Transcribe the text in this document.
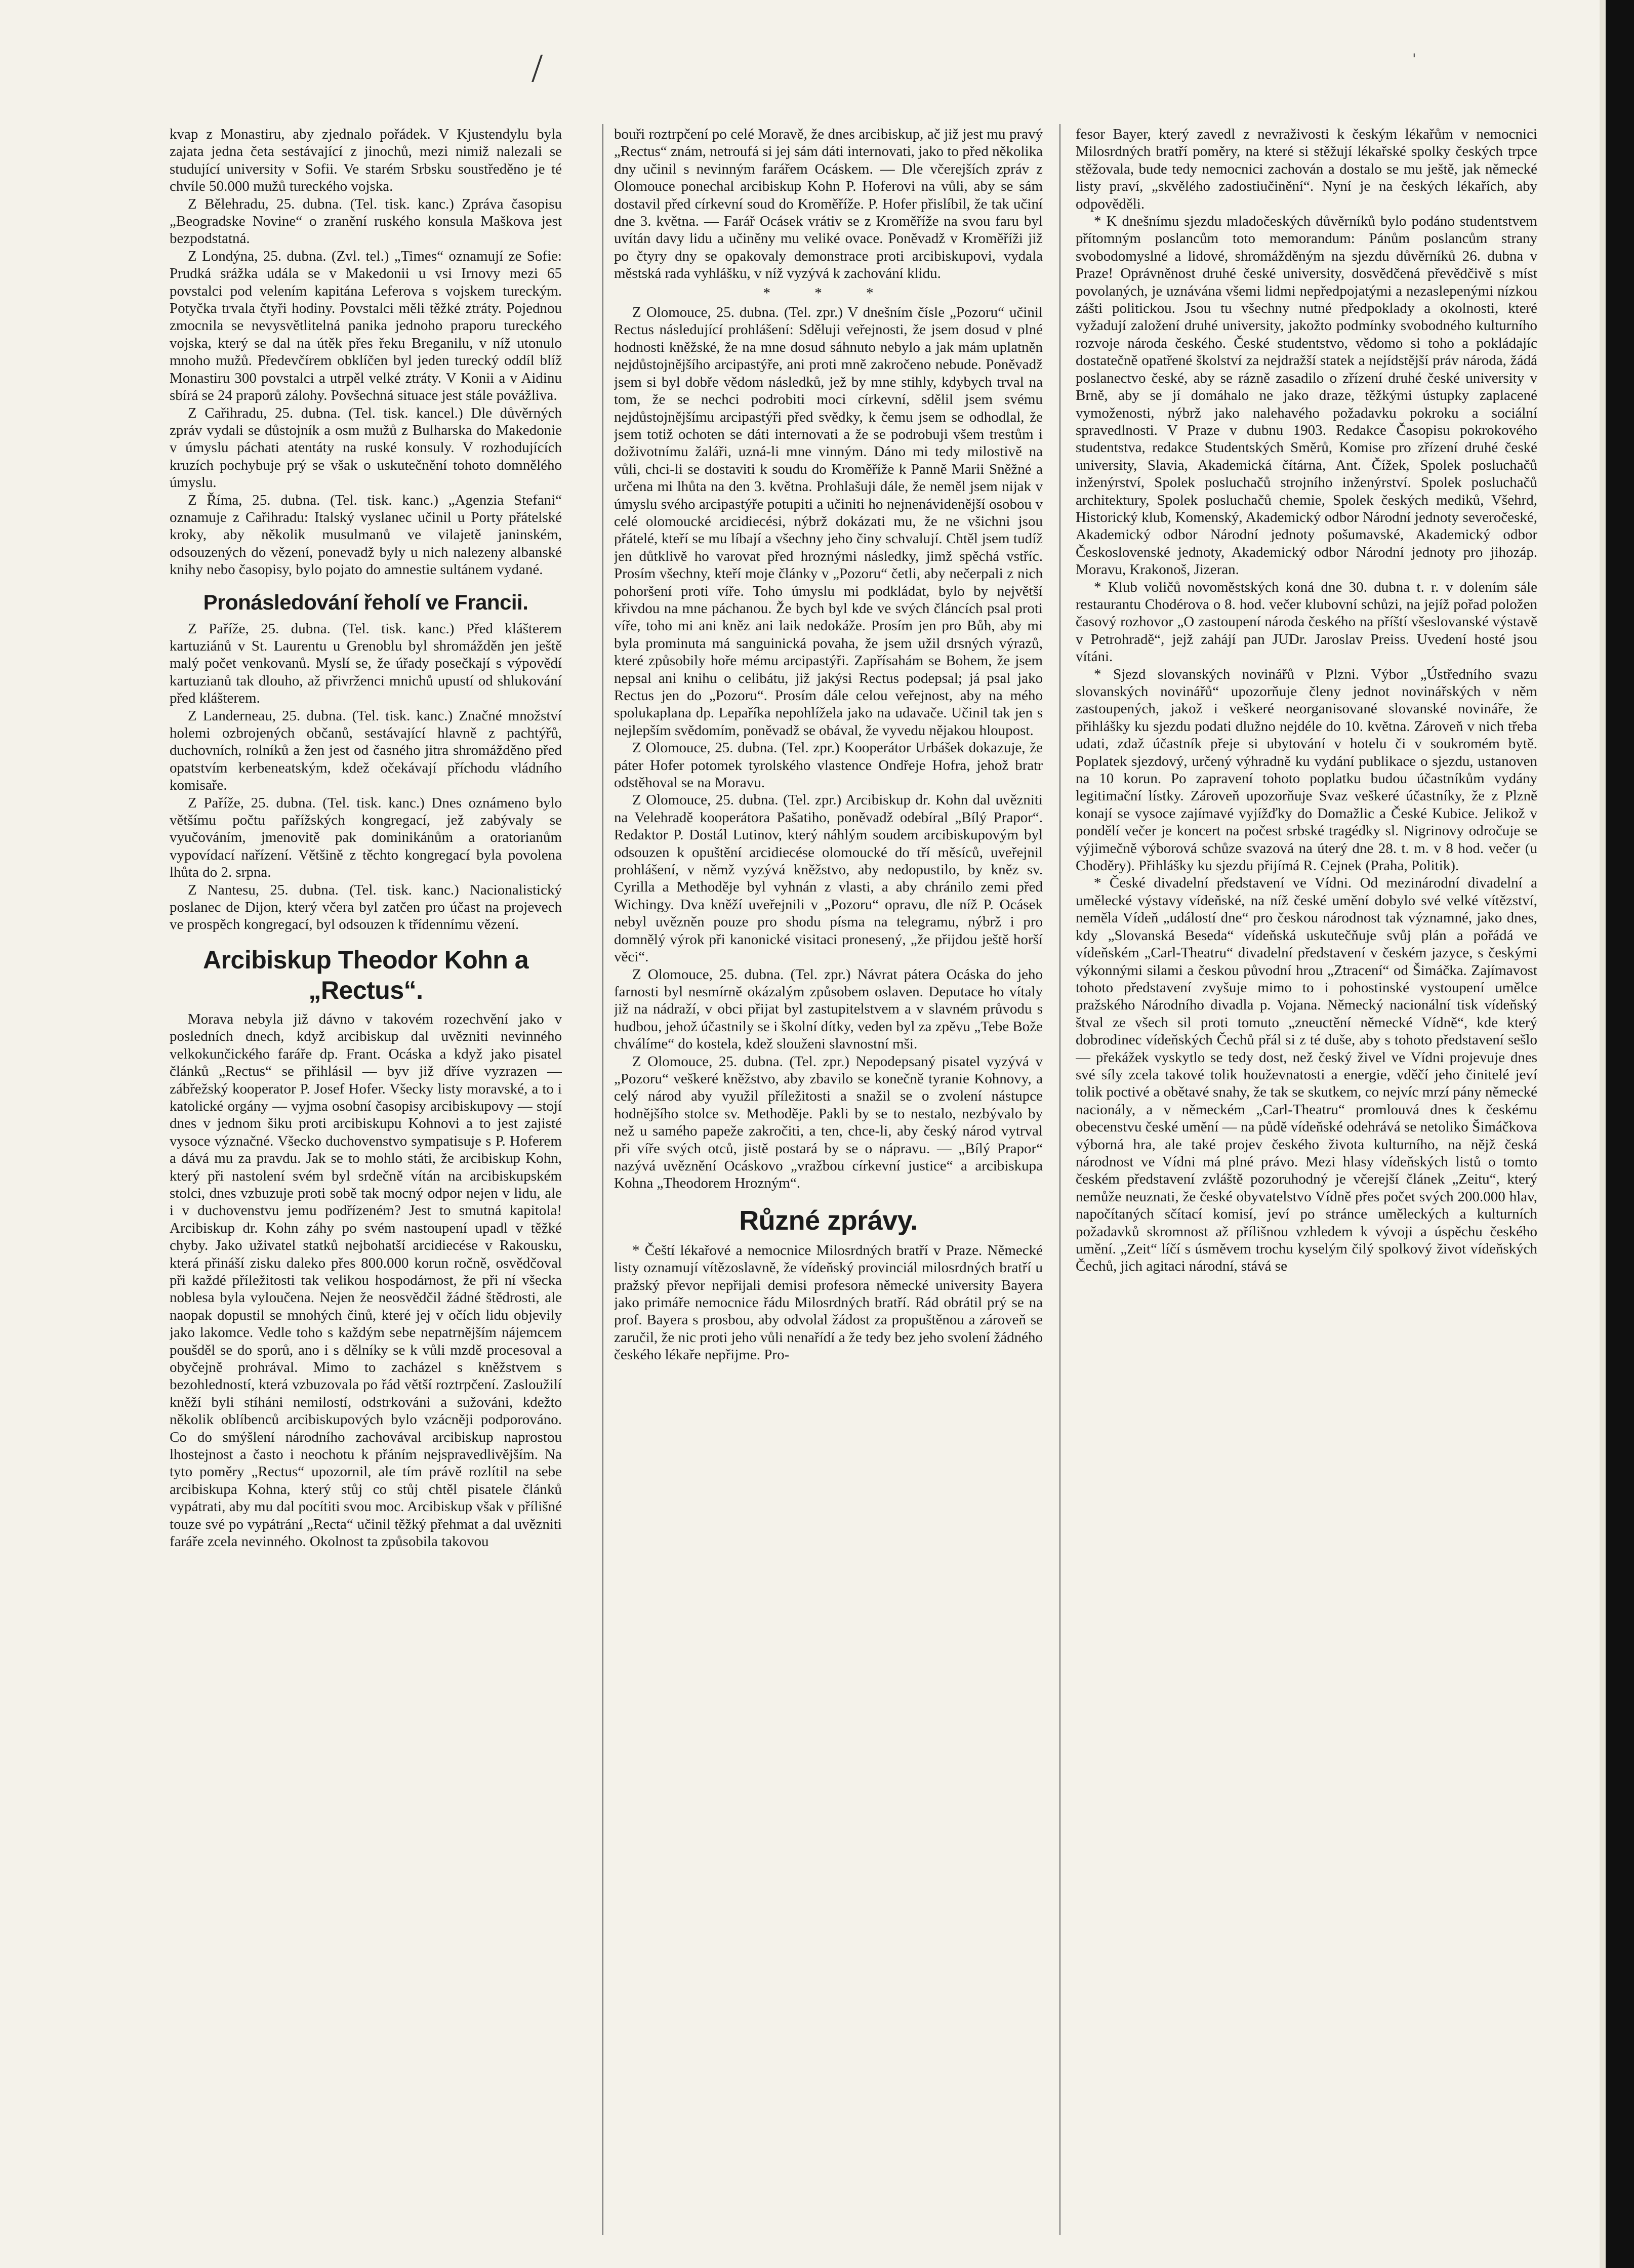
/	'

kvap z Monastiru, aby zjednalo pořádek. V Kjustendylu byla zajata jedna četa sestávající z jinochů, mezi nimiž nalezali se studující university v Sofii. Ve starém Srbsku soustředěno je té chvíle 50.000 mužů tureckého vojska.

Z Bělehradu, 25. dubna. (Tel. tisk. kanc.) Zpráva časopisu „Beogradske Novine“ o zranění ruského konsula Maškova jest bezpodstatná.

Z Londýna, 25. dubna. (Zvl. tel.) „Times“ oznamují ze Sofie: Prudká srážka udála se v Makedonii u vsi Irnovy mezi 65 povstalci pod velením kapitána Leferova s vojskem tureckým. Potyčka trvala čtyři hodiny. Povstalci měli těžké ztráty. Pojednou zmocnila se nevysvětlitelná panika jednoho praporu tureckého vojska, který se dal na útěk přes řeku Breganilu, v níž utonulo mnoho mužů. Předevčírem obklíčen byl jeden turecký oddíl blíž Monastiru 300 povstalci a utrpěl velké ztráty. V Konii a v Aidinu sbírá se 24 praporů zálohy. Povšechná situace jest stále povážliva.

Z Cařihradu, 25. dubna. (Tel. tisk. kancel.) Dle důvěrných zpráv vydali se důstojník a osm mužů z Bulharska do Makedonie v úmyslu páchati atentáty na ruské konsuly. V rozhodujících kruzích pochybuje prý se však o uskutečnění tohoto domnělého úmyslu.

Z Říma, 25. dubna. (Tel. tisk. kanc.) „Agenzia Stefani“ oznamuje z Cařihradu: Italský vyslanec učinil u Porty přátelské kroky, aby několik musulmanů ve vilajetě janinském, odsouzených do vězení, ponevadž byly u nich nalezeny albanské knihy nebo časopisy, bylo pojato do amnestie sultánem vydané.

Pronásledování řeholí ve Francii.

Z Paříže, 25. dubna. (Tel. tisk. kanc.) Před klášterem kartuziánů v St. Laurentu u Grenoblu byl shromážděn jen ještě malý počet venkovanů. Myslí se, že úřady posečkají s výpovědí kartuzianů tak dlouho, až přivrženci mnichů upustí od shlukování před klášterem.

Z Landerneau, 25. dubna. (Tel. tisk. kanc.) Značné množství holemi ozbrojených občanů, sestávající hlavně z pachtýřů, duchovních, rolníků a žen jest od časného jitra shromážděno před opatstvím kerbeneatským, kdež očekávají příchodu vládního komisaře.

Z Paříže, 25. dubna. (Tel. tisk. kanc.) Dnes oznámeno bylo většímu počtu pařížských kongregací, jež zabývaly se vyučováním, jmenovitě pak dominikánům a oratorianům vypovídací nařízení. Většině z těchto kongregací byla povolena lhůta do 2. srpna.

Z Nantesu, 25. dubna. (Tel. tisk. kanc.) Nacionalistický poslanec de Dijon, který včera byl zatčen pro účast na projevech ve prospěch kongregací, byl odsouzen k třídennímu vězení.

Arcibiskup Theodor Kohn a „Rectus“.

Morava nebyla již dávno v takovém rozechvění jako v posledních dnech, když arcibiskup dal uvězniti nevinného velkokunčického faráře dp. Frant. Ocáska a když jako pisatel článků „Rectus“ se přihlásil — byv již dříve vyzrazen — zábřežský kooperator P. Josef Hofer. Všecky listy moravské, a to i katolické orgány — vyjma osobní časopisy arcibiskupovy — stojí dnes v jednom šiku proti arcibiskupu Kohnovi a to jest zajisté vysoce význačné. Všecko duchovenstvo sympatisuje s P. Hoferem a dává mu za pravdu. Jak se to mohlo státi, že arcibiskup Kohn, který při nastolení svém byl srdečně vítán na arcibiskupském stolci, dnes vzbuzuje proti sobě tak mocný odpor nejen v lidu, ale i v duchovenstvu jemu podřízeném? Jest to smutná kapitola! Arcibiskup dr. Kohn záhy po svém nastoupení upadl v těžké chyby. Jako uživatel statků nejbohatší arcidiecése v Rakousku, která přináší zisku daleko přes 800.000 korun ročně, osvědčoval při každé příležitosti tak velikou hospodárnost, že při ní všecka noblesa byla vyloučena. Nejen že neosvědčil žádné štědrosti, ale naopak dopustil se mnohých činů, které jej v očích lidu objevily jako lakomce. Vedle toho s každým sebe nepatrnějším nájemcem poušděl se do sporů, ano i s dělníky se k vůli mzdě procesoval a obyčejně prohrával. Mimo to zacházel s kněžstvem s bezohledností, která vzbuzovala po řád větší roztrpčení. Zasloužilí kněží byli stíháni nemilostí, odstrkováni a sužováni, kdežto několik oblíbenců arcibiskupových bylo vzácněji podporováno. Co do smýšlení národního zachovával arcibiskup naprostou lhostejnost a často i neochotu k přáním nejspravedlivějším. Na tyto poměry „Rectus“ upozornil, ale tím právě rozlítil na sebe arcibiskupa Kohna, který stůj co stůj chtěl pisatele článků vypátrati, aby mu dal pocítiti svou moc. Arcibiskup však v přílišné touze své po vypátrání „Recta“ učinil těžký přehmat a dal uvězniti faráře zcela nevinného. Okolnost ta způsobila takovou

bouři roztrpčení po celé Moravě, že dnes arcibiskup, ač již jest mu pravý „Rectus“ znám, netroufá si jej sám dáti internovati, jako to před několika dny učinil s nevinným farářem Ocáskem. — Dle včerejších zpráv z Olomouce ponechal arcibiskup Kohn P. Hoferovi na vůli, aby se sám dostavil před církevní soud do Kroměříže. P. Hofer přislíbil, že tak učiní dne 3. května. — Farář Ocásek vrátiv se z Kroměříže na svou faru byl uvítán davy lidu a učiněny mu veliké ovace. Poněvadž v Kroměříži již po čtyry dny se opakovaly demonstrace proti arcibiskupovi, vydala městská rada vyhlášku, v níž vyzývá k zachování klidu.

* * *

Z Olomouce, 25. dubna. (Tel. zpr.) V dnešním čísle „Pozoru“ učinil Rectus následující prohlášení: Sděluji veřejnosti, že jsem dosud v plné hodnosti kněžské, že na mne dosud sáhnuto nebylo a jak mám uplatněn nejdůstojnějšího arcipastýře, ani proti mně zakročeno nebude. Poněvadž jsem si byl dobře vědom následků, jež by mne stihly, kdybych trval na tom, že se nechci podrobiti moci církevní, sdělil jsem svému nejdůstojnějšímu arcipastýři před svědky, k čemu jsem se odhodlal, že jsem totiž ochoten se dáti internovati a že se podrobuji všem trestům i doživotnímu žaláři, uzná-li mne vinným. Dáno mi tedy milostivě na vůli, chci-li se dostaviti k soudu do Kroměříže k Panně Marii Sněžné a určena mi lhůta na den 3. května. Prohlašuji dále, že neměl jsem nijak v úmyslu svého arcipastýře potupiti a učiniti ho nejnenávidenější osobou v celé olomoucké arcidiecési, nýbrž dokázati mu, že ne všichni jsou přátelé, kteří se mu líbají a všechny jeho činy schvalují. Chtěl jsem tudíž jen důtklivě ho varovat před hroznými následky, jimž spěchá vstříc. Prosím všechny, kteří moje články v „Pozoru“ četli, aby nečerpali z nich pohoršení proti víře. Toho úmyslu mi podkládat, bylo by největší křivdou na mne páchanou. Že bych byl kde ve svých článcích psal proti víře, toho mi ani kněz ani laik nedokáže. Prosím jen pro Bůh, aby mi byla prominuta má sanguinická povaha, že jsem užil drsných výrazů, které způsobily hoře mému arcipastýři. Zapřísahám se Bohem, že jsem nepsal ani knihu o celibátu, již jakýsi Rectus podepsal; já psal jako Rectus jen do „Pozoru“. Prosím dále celou veřejnost, aby na mého spolukaplana dp. Lepaříka nepohlížela jako na udavače. Učinil tak jen s nejlepším svědomím, poněvadž se obával, že vyvedu nějakou hloupost.

Z Olomouce, 25. dubna. (Tel. zpr.) Kooperátor Urbášek dokazuje, že páter Hofer potomek tyrolského vlastence Ondřeje Hofra, jehož bratr odstěhoval se na Moravu.

Z Olomouce, 25. dubna. (Tel. zpr.) Arcibiskup dr. Kohn dal uvězniti na Velehradě kooperátora Pašatiho, poněvadž odebíral „Bílý Prapor“. Redaktor P. Dostál Lutinov, který náhlým soudem arcibiskupovým byl odsouzen k opuštění arcidiecése olomoucké do tří měsíců, uveřejnil prohlášení, v němž vyzývá kněžstvo, aby nedopustilo, by kněz sv. Cyrilla a Methoděje byl vyhnán z vlasti, a aby chránilo zemi před Wichingy. Dva kněží uveřejnili v „Pozoru“ opravu, dle níž P. Ocásek nebyl uvězněn pouze pro shodu písma na telegramu, nýbrž i pro domnělý výrok při kanonické visitaci pronesený, „že přijdou ještě horší věci“.

Z Olomouce, 25. dubna. (Tel. zpr.) Návrat pátera Ocáska do jeho farnosti byl nesmírně okázalým způsobem oslaven. Deputace ho vítaly již na nádraží, v obci přijat byl zastupitelstvem a v slavném průvodu s hudbou, jehož účastnily se i školní dítky, veden byl za zpěvu „Tebe Bože chválíme“ do kostela, kdež slouženi slavnostní mši.

Z Olomouce, 25. dubna. (Tel. zpr.) Nepodepsaný pisatel vyzývá v „Pozoru“ veškeré kněžstvo, aby zbavilo se konečně tyranie Kohnovy, a celý národ aby využil příležitosti a snažil se o zvolení nástupce hodnějšího stolce sv. Methoděje. Pakli by se to nestalo, nezbývalo by než u samého papeže zakročiti, a ten, chce-li, aby český národ vytrval při víře svých otců, jistě postará by se o nápravu. — „Bílý Prapor“ nazývá uvěznění Ocáskovo „vražbou církevní justice“ a arcibiskupa Kohna „Theodorem Hrozným“.

Různé zprávy.

* Čeští lékařové a nemocnice Milosrdných bratří v Praze. Německé listy oznamují vítězoslavně, že vídeňský provinciál milosrdných bratří u pražský převor nepřijali demisi profesora německé university Bayera jako primáře nemocnice řádu Milosrdných bratří. Rád obrátil prý se na prof. Bayera s prosbou, aby odvolal žádost za propuštěnou a zároveň se zaručil, že nic proti jeho vůli nenařídí a že tedy bez jeho svolení žádného českého lékaře nepřijme. Pro-

fesor Bayer, který zavedl z nevraživosti k českým lékařům v nemocnici Milosrdných bratří poměry, na které si stěžují lékařské spolky českých trpce stěžovala, bude tedy nemocnici zachován a dostalo se mu ještě, jak německé listy praví, „skvělého zadostiučinění“. Nyní je na českých lékařích, aby odpověděli.

* K dnešnímu sjezdu mladočeských důvěrníků bylo podáno studentstvem přítomným poslancům toto memorandum: Pánům poslancům strany svobodomyslné a lidové, shromážděným na sjezdu důvěrníků 26. dubna v Praze! Oprávněnost druhé české university, dosvědčená převědčivě s míst povolaných, je uznávána všemi lidmi nepředpojatými a nezaslepenými nízkou zášti politickou. Jsou tu všechny nutné předpoklady a okolnosti, které vyžadují založení druhé university, jakožto podmínky svobodného kulturního rozvoje národa českého. České studentstvo, vědomo si toho a pokládajíc dostatečně opatřené školství za nejdražší statek a nejídstější práv národa, žádá poslanectvo české, aby se rázně zasadilo o zřízení druhé české university v Brně, aby se jí domáhalo ne jako draze, těžkými ústupky zaplacené vymoženosti, nýbrž jako nalehavého požadavku pokroku a sociální spravedlnosti. V Praze v dubnu 1903. Redakce Časopisu pokrokového studentstva, redakce Studentských Směrů, Komise pro zřízení druhé české university, Slavia, Akademická čítárna, Ant. Čížek, Spolek posluchačů inženýrství, Spolek posluchačů strojního inženýrství. Spolek posluchačů architektury, Spolek posluchačů chemie, Spolek českých mediků, Všehrd, Historický klub, Komenský, Akademický odbor Národní jednoty severočeské, Akademický odbor Národní jednoty pošumavské, Akademický odbor Československé jednoty, Akademický odbor Národní jednoty pro jihozáp. Moravu, Krakonoš, Jizeran.

* Klub voličů novoměstských koná dne 30. dubna t. r. v dolením sále restaurantu Chodérova o 8. hod. večer klubovní schůzi, na jejíž pořad položen časový rozhovor „O zastoupení národa českého na příští všeslovanské výstavě v Petrohradě“, jejž zahájí pan JUDr. Jaroslav Preiss. Uvedení hosté jsou vítáni.

* Sjezd slovanských novinářů v Plzni. Výbor „Ústředního svazu slovanských novinářů“ upozorňuje členy jednot novinářských v něm zastoupených, jakož i veškeré neorganisované slovanské novináře, že přihlášky ku sjezdu podati dlužno nejdéle do 10. května. Zároveň v nich třeba udati, zdaž účastník přeje si ubytování v hotelu či v soukromém bytě. Poplatek sjezdový, určený výhradně ku vydání publikace o sjezdu, ustanoven na 10 korun. Po zapravení tohoto poplatku budou účastníkům vydány legitimační lístky. Zároveň upozorňuje Svaz veškeré účastníky, že z Plzně konají se vysoce zajímavé vyjížďky do Domažlic a České Kubice. Jelikož v pondělí večer je koncert na počest srbské tragédky sl. Nigrinovy odročuje se výjimečně výborová schůze svazová na úterý dne 28. t. m. v 8 hod. večer (u Choděry). Přihlášky ku sjezdu přijímá R. Cejnek (Praha, Politik).

* České divadelní představení ve Vídni. Od mezinárodní divadelní a umělecké výstavy vídeňské, na níž české umění dobylo své velké vítězství, neměla Vídeň „událostí dne“ pro českou národnost tak významné, jako dnes, kdy „Slovanská Beseda“ vídeňská uskutečňuje svůj plán a pořádá ve vídeňském „Carl-Theatru“ divadelní představení v českém jazyce, s českými výkonnými silami a českou původní hrou „Ztracení“ od Šimáčka. Zajímavost tohoto představení zvyšuje mimo to i pohostinské vystoupení umělce pražského Národního divadla p. Vojana. Německý nacionální tisk vídeňský štval ze všech sil proti tomuto „zneuctění německé Vídně“, kde který dobrodinec vídeňských Čechů přál si z té duše, aby s tohoto představení sešlo — překážek vyskytlo se tedy dost, než český živel ve Vídni projevuje dnes své síly zcela takové tolik houževnatosti a energie, vděčí jeho činitelé jeví tolik poctivé a obětavé snahy, že tak se skutkem, co nejvíc mrzí pány německé nacionály, a v německém „Carl-Theatru“ promlouvá dnes k českému obecenstvu české umění — na půdě vídeňské odehrává se netoliko Šimáčkova výborná hra, ale také projev českého života kulturního, na nějž česká národnost ve Vídni má plné právo. Mezi hlasy vídeňských listů o tomto českém představení zvláště pozoruhodný je včerejší článek „Zeitu“, který nemůže neuznati, že české obyvatelstvo Vídně přes počet svých 200.000 hlav, napočítaných sčítací komisí, jeví po stránce uměleckých a kulturních požadavků skromnost až přílišnou vzhledem k vývoji a úspěchu českého umění. „Zeit“ líčí s úsměvem trochu kyselým čilý spolkový život vídeňských Čechů, jich agitaci národní, stává se
